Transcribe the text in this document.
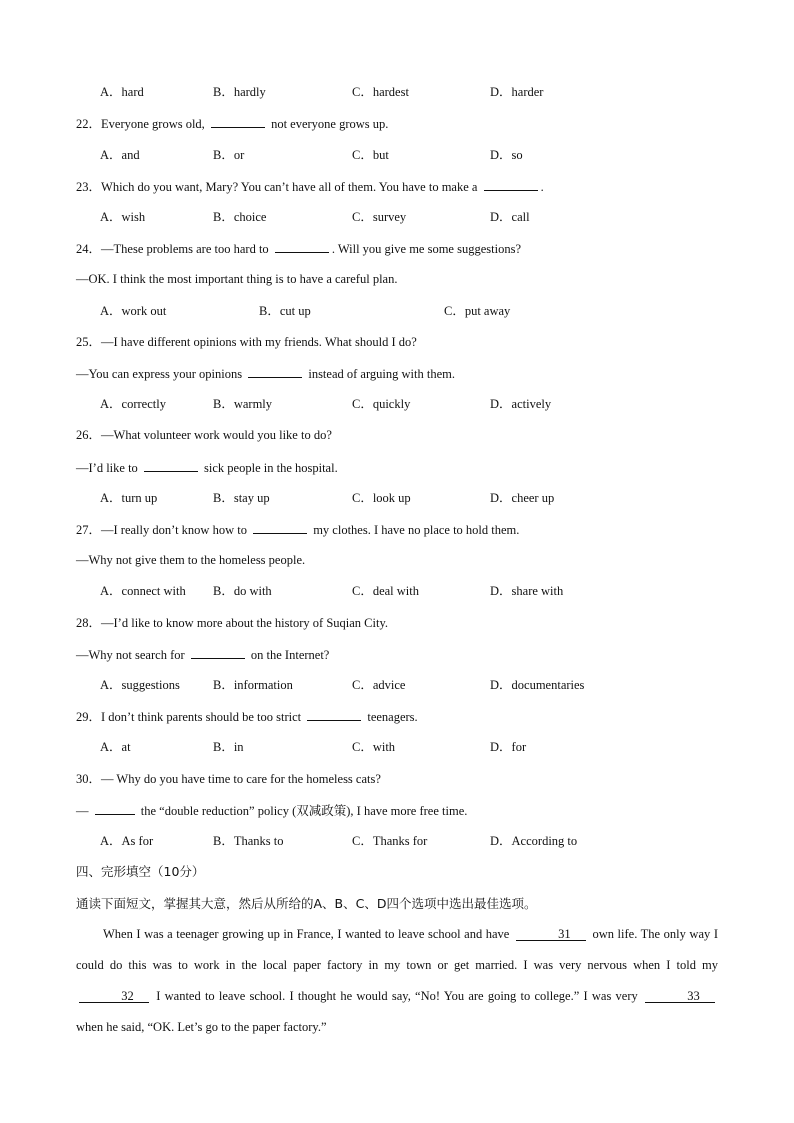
A．hard	B．hardly	C．hardest	D．harder
22．Everyone grows old,	not everyone grows up.
A．and	B．or	C．but	D．so
23．Which do you want, Mary? You can’t have all of them. You have to make a	.
A．wish	B．choice	C．survey	D．call
24．—These problems are too hard to	. Will you give me some suggestions?
—OK. I think the most important thing is to have a careful plan.
A．work out	B．cut up	C．put away
25．—I have different opinions with my friends. What should I do?
—You can express your opinions	instead of arguing with them.
A．correctly	B．warmly	C．quickly	D．actively
26．—What volunteer work would you like to do?
—I’d like to	sick people in the hospital.
A．turn up	B．stay up	C．look up	D．cheer up
27．—I really don’t know how to	my clothes. I have no place to hold them.
—Why not give them to the homeless people.
A．connect with B．do with	C．deal with	D．share with
28．—I’d like to know more about the history of Suqian City.
—Why not search for	on the Internet?
A．suggestions	B．information	C．advice	D．documentaries
29．I don’t think parents should be too strict	teenagers.
A．at	B．in	C．with	D．for
30．— Why do you have time to care for the homeless cats?
—	the “double reduction” policy (双减政策), I have more free time.
A．As for	B．Thanks to	C．Thanks for	D．According to
四、完形填空（10分）
通读下面短文，掌握其大意，然后从所给的A、B、C、D四个选项中选出最佳选项。
When I was a teenager growing up in France, I wanted to leave school and have	31 own life. The only way I could do this was to work in the local paper factory in my town or get married. I was very nervous when I told my 32 I wanted to leave school. I thought he would say, “No! You are going to college.” I was very	33 when he said, “OK. Let’s go to the paper factory.”
